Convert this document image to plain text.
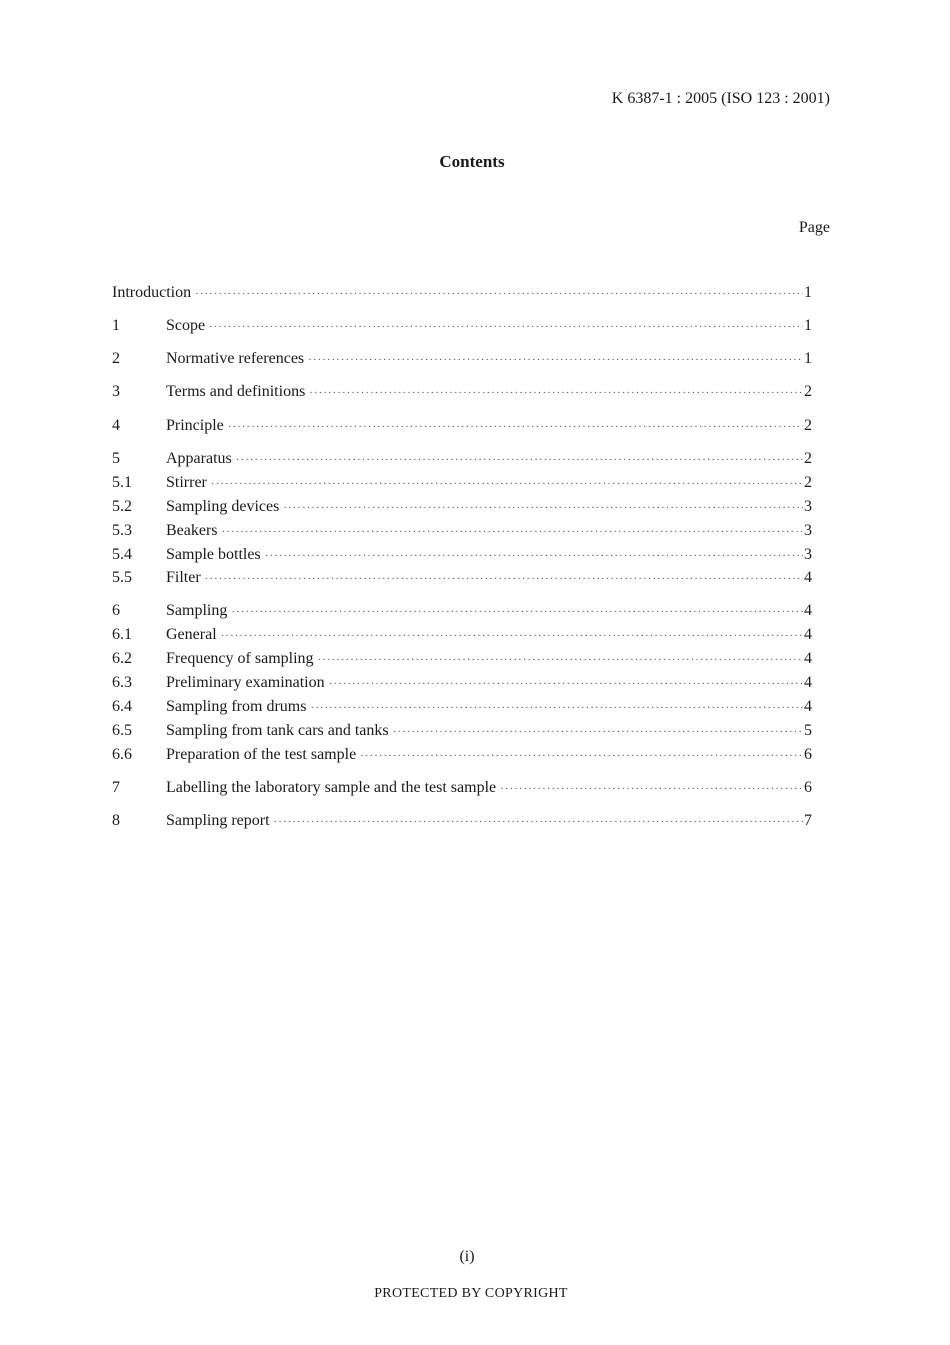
K 6387-1 : 2005 (ISO 123 : 2001)
Contents
Page
Introduction ·····	1
1	Scope ·····	1
2	Normative references ·····	1
3	Terms and definitions ·····	2
4	Principle ·····	2
5	Apparatus ·····	2
5.1	Stirrer ·····	2
5.2	Sampling devices ·····	3
5.3	Beakers ·····	3
5.4	Sample bottles ·····	3
5.5	Filter ·····	4
6	Sampling ·····	4
6.1	General ·····	4
6.2	Frequency of sampling ·····	4
6.3	Preliminary examination ·····	4
6.4	Sampling from drums ·····	4
6.5	Sampling from tank cars and tanks ·····	5
6.6	Preparation of the test sample ·····	6
7	Labelling the laboratory sample and the test sample ·····	6
8	Sampling report ·····	7
(i)
PROTECTED BY COPYRIGHT
